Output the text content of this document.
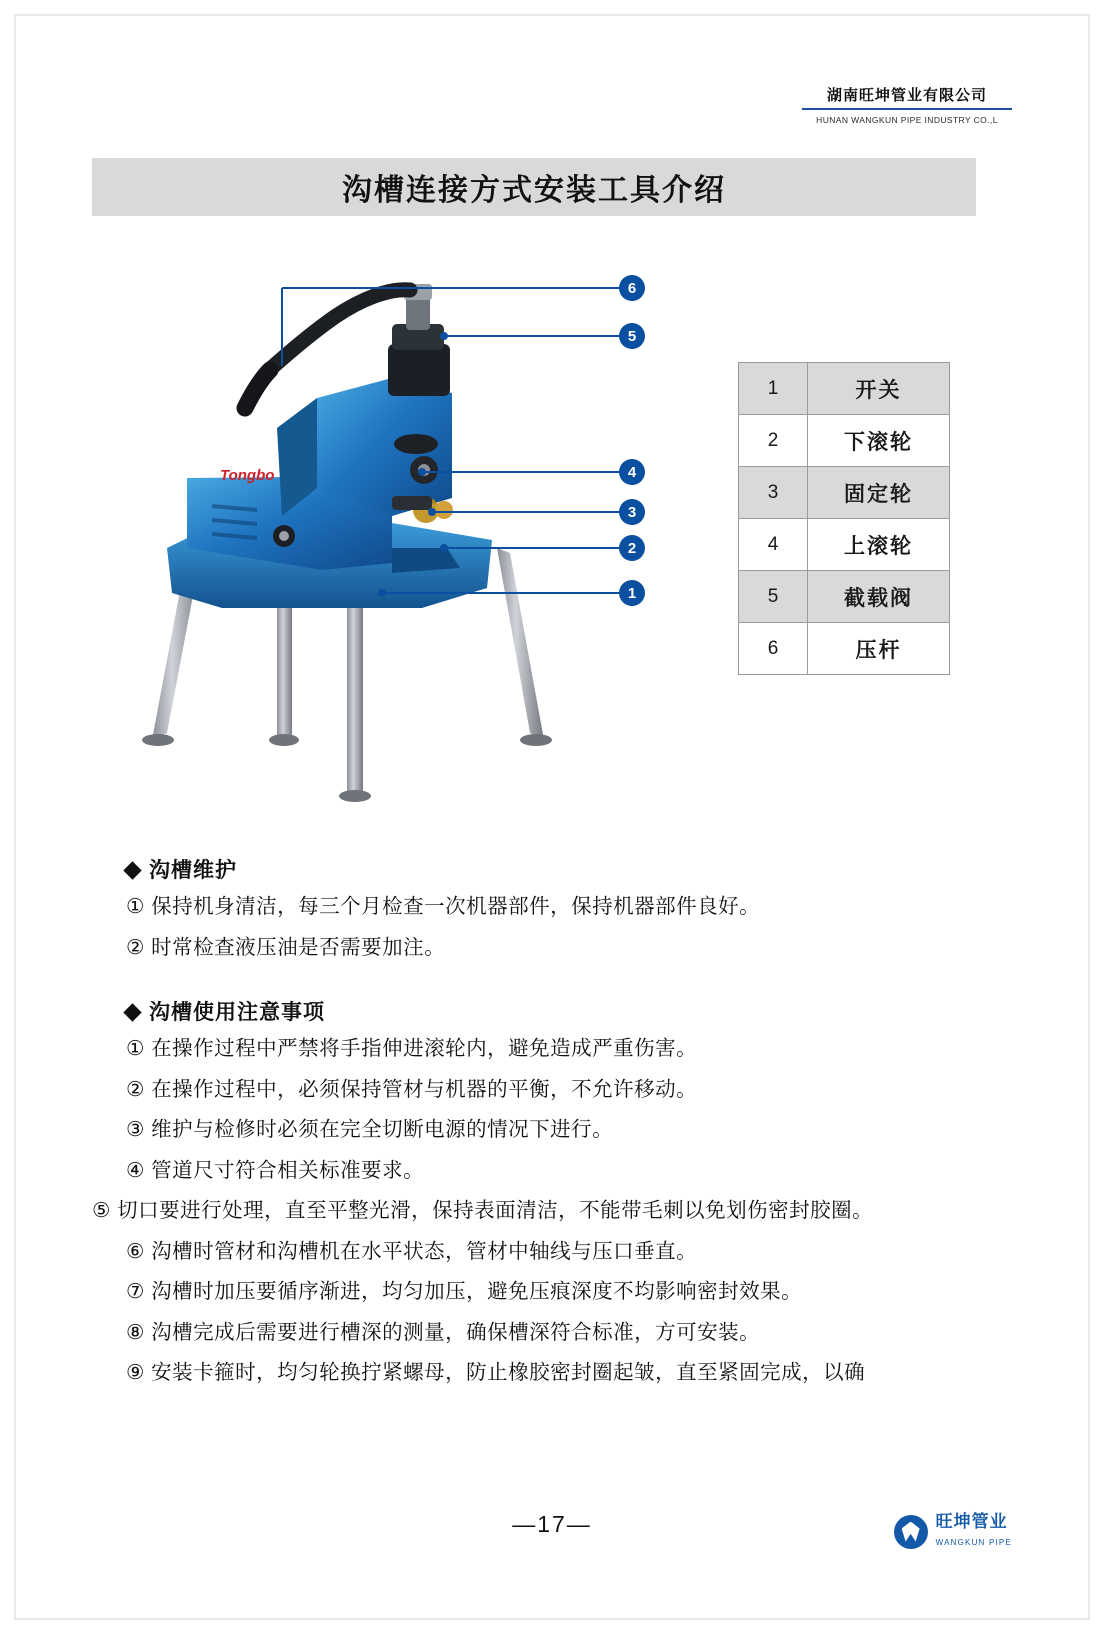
湖南旺坤管业有限公司
HUNAN WANGKUN PIPE INDUSTRY CO.,L
沟槽连接方式安装工具介绍
Tongbo
6
5
4
3
2
1
1	开关
2	下滚轮
3	固定轮
4	上滚轮
5	截载阀
6	压杆
沟槽维护

① 保持机身清洁，每三个月检查一次机器部件，保持机器部件良好。

② 时常检查液压油是否需要加注。

沟槽使用注意事项

① 在操作过程中严禁将手指伸进滚轮内，避免造成严重伤害。

② 在操作过程中，必须保持管材与机器的平衡，不允许移动。

③ 维护与检修时必须在完全切断电源的情况下进行。

④ 管道尺寸符合相关标准要求。

⑤ 切口要进行处理，直至平整光滑，保持表面清洁，不能带毛刺以免划伤密封胶圈。

⑥ 沟槽时管材和沟槽机在水平状态，管材中轴线与压口垂直。

⑦ 沟槽时加压要循序渐进，均匀加压，避免压痕深度不均影响密封效果。

⑧ 沟槽完成后需要进行槽深的测量，确保槽深符合标准，方可安装。

⑨ 安装卡箍时，均匀轮换拧紧螺母，防止橡胶密封圈起皱，直至紧固完成，以确

—17—	旺坤管业
WANGKUN PIPE
